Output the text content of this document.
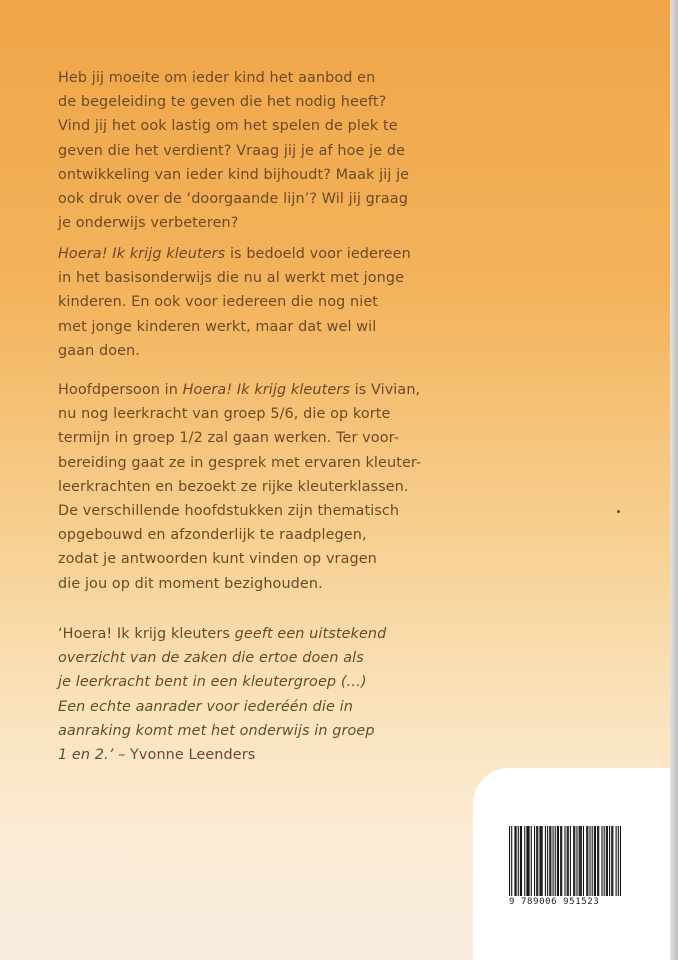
Heb jij moeite om ieder kind het aanbod en
de begeleiding te geven die het nodig heeft?
Vind jij het ook lastig om het spelen de plek te
geven die het verdient? Vraag jij je af hoe je de
ontwikkeling van ieder kind bijhoudt? Maak jij je
ook druk over de ‘doorgaande lijn’? Wil jij graag
je onderwijs verbeteren?
Hoera! Ik krijg kleuters is bedoeld voor iedereen
in het basisonderwijs die nu al werkt met jonge
kinderen. En ook voor iedereen die nog niet
met jonge kinderen werkt, maar dat wel wil
gaan doen.
Hoofdpersoon in Hoera! Ik krijg kleuters is Vivian,
nu nog leerkracht van groep 5/6, die op korte
termijn in groep 1/2 zal gaan werken. Ter voor-
bereiding gaat ze in gesprek met ervaren kleuter-
leerkrachten en bezoekt ze rijke kleuterklassen.
De verschillende hoofdstukken zijn thematisch
opgebouwd en afzonderlijk te raadplegen,
zodat je antwoorden kunt vinden op vragen
die jou op dit moment bezighouden.
‘Hoera! Ik krijg kleuters geeft een uitstekend
overzicht van de zaken die ertoe doen als
je leerkracht bent in een kleutergroep (…)
Een echte aanrader voor iederéén die in
aanraking komt met het onderwijs in groep
1 en 2.’ – Yvonne Leenders
9 789006 951523
